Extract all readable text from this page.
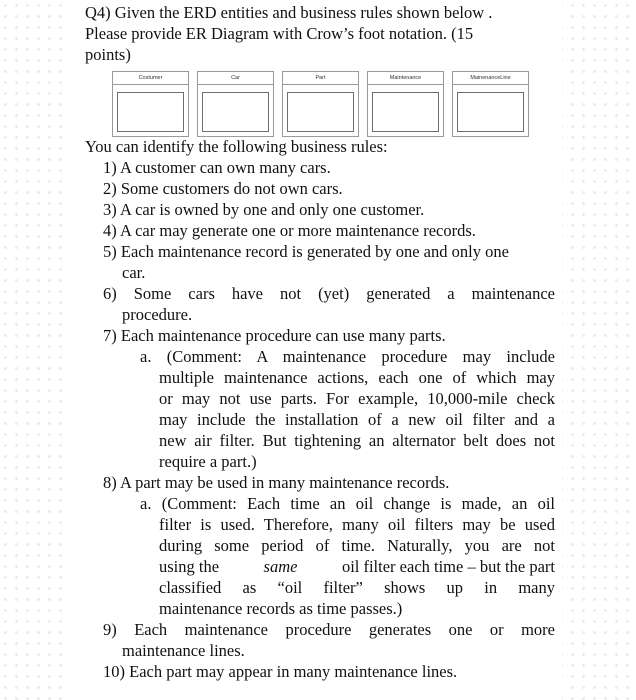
Q4) Given the ERD entities and business rules shown below .
Please provide ER Diagram with Crow’s foot notation. (15
points)
Costumer	Car	Part	Maintenance	MainenanceLine
You can identify the following business rules:
1) A customer can own many cars.
2) Some customers do not own cars.
3) A car is owned by one and only one customer.
4) A car may generate one or more maintenance records.
5) Each maintenance record is generated by one and only one
car.
6) Some cars have not (yet) generated a maintenance
procedure.
7) Each maintenance procedure can use many parts.
a. (Comment: A maintenance procedure may include
multiple maintenance actions, each one of which may
or may not use parts. For example, 10,000-mile check
may include the installation of a new oil filter and a
new air filter. But tightening an alternator belt does not
require a part.)
8) A part may be used in many maintenance records.
a. (Comment: Each time an oil change is made, an oil
filter is used. Therefore, many oil filters may be used
during some period of time. Naturally, you are not
using the	same	oil filter each time – but the part
classified as “oil filter” shows up in many
maintenance records as time passes.)
9) Each maintenance procedure generates one or more
maintenance lines.
10) Each part may appear in many maintenance lines.
